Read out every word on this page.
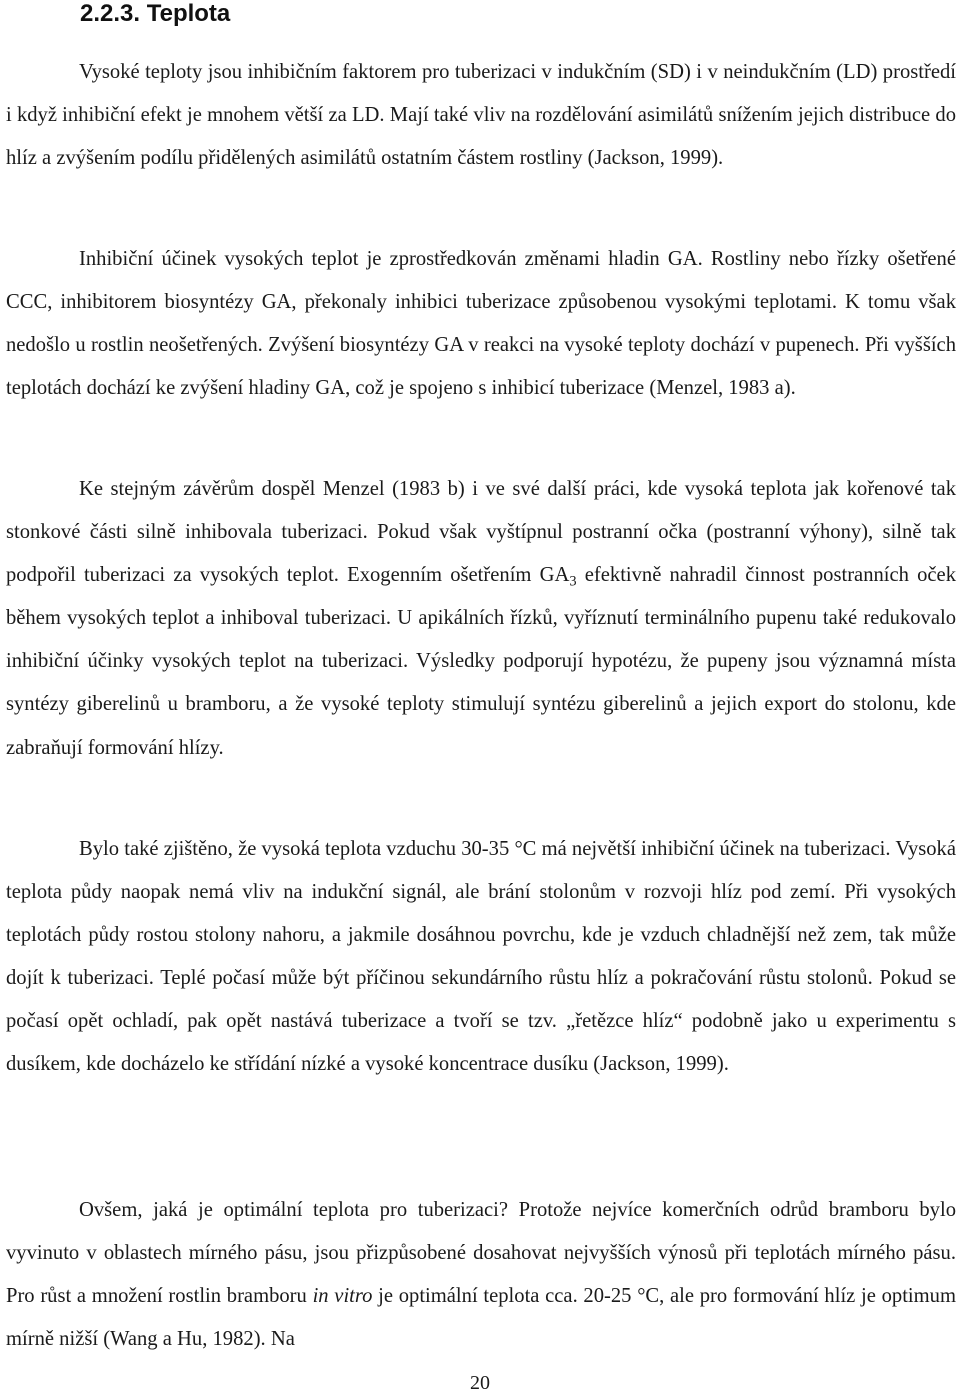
2.2.3. Teplota

Vysoké teploty jsou inhibičním faktorem pro tuberizaci v indukčním (SD) i v neindukčním (LD) prostředí i když inhibiční efekt je mnohem větší za LD. Mají také vliv na rozdělování asimilátů snížením jejich distribuce do hlíz a zvýšením podílu přidělených asimilátů ostatním částem rostliny (Jackson, 1999).

Inhibiční účinek vysokých teplot je zprostředkován změnami hladin GA. Rostliny nebo řízky ošetřené CCC, inhibitorem biosyntézy GA, překonaly inhibici tuberizace způsobenou vysokými teplotami. K tomu však nedošlo u rostlin neošetřených. Zvýšení biosyntézy GA v reakci na vysoké teploty dochází v pupenech. Při vyšších teplotách dochází ke zvýšení hladiny GA, což je spojeno s inhibicí tuberizace (Menzel, 1983 a).

Ke stejným závěrům dospěl Menzel (1983 b) i ve své další práci, kde vysoká teplota jak kořenové tak stonkové části silně inhibovala tuberizaci. Pokud však vyštípnul postranní očka (postranní výhony), silně tak podpořil tuberizaci za vysokých teplot. Exogenním ošetřením $GA_3$ efektivně nahradil činnost postranních oček během vysokých teplot a inhiboval tuberizaci. U apikálních řízků, vyříznutí terminálního pupenu také redukovalo inhibiční účinky vysokých teplot na tuberizaci. Výsledky podporují hypotézu, že pupeny jsou významná místa syntézy giberelinů u bramboru, a že vysoké teploty stimulují syntézu giberelinů a jejich export do stolonu, kde zabraňují formování hlízy.

Bylo také zjištěno, že vysoká teplota vzduchu 30-35 °C má největší inhibiční účinek na tuberizaci. Vysoká teplota půdy naopak nemá vliv na indukční signál, ale brání stolonům v rozvoji hlíz pod zemí. Při vysokých teplotách půdy rostou stolony nahoru, a jakmile dosáhnou povrchu, kde je vzduch chladnější než zem, tak může dojít k tuberizaci. Teplé počasí může být příčinou sekundárního růstu hlíz a pokračování růstu stolonů. Pokud se počasí opět ochladí, pak opět nastává tuberizace a tvoří se tzv. „řetězce hlíz“ podobně jako u experimentu s dusíkem, kde docházelo ke střídání nízké a vysoké koncentrace dusíku (Jackson, 1999).

Ovšem, jaká je optimální teplota pro tuberizaci? Protože nejvíce komerčních odrůd bramboru bylo vyvinuto v oblastech mírného pásu, jsou přizpůsobené dosahovat nejvyšších výnosů při teplotách mírného pásu. Pro růst a množení rostlin bramboru in vitro je optimální teplota cca. 20-25 °C, ale pro formování hlíz je optimum mírně nižší (Wang a Hu, 1982). Na

20
